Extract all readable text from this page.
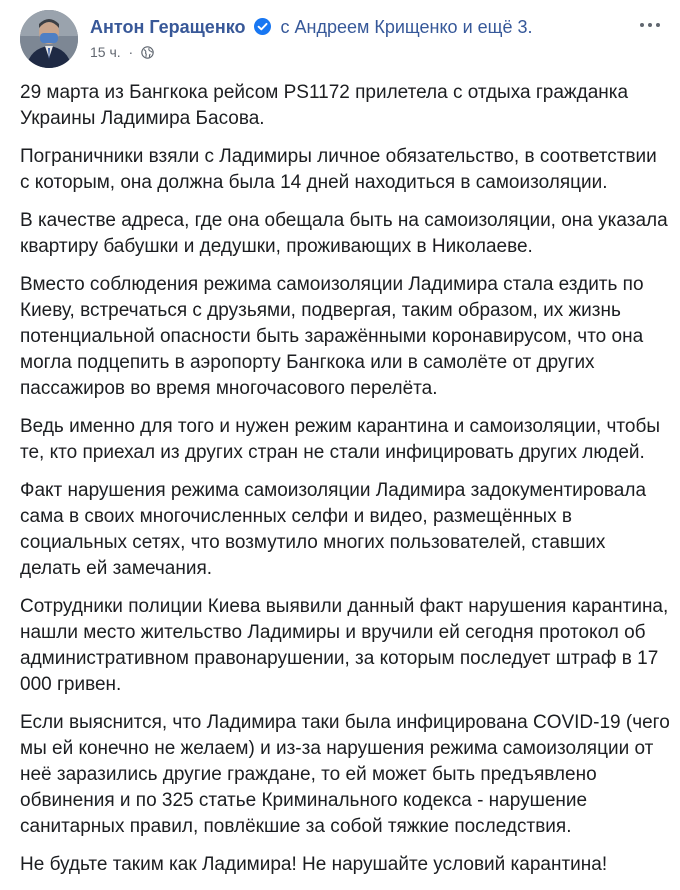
Антон Геращенко с Андреем Крищенко и ещё 3.
15 ч. ·

29 марта из Бангкока рейсом PS1172 прилетела с отдыха гражданка Украины Ладимира Басова.

Пограничники взяли с Ладимиры личное обязательство, в соответствии с которым, она должна была 14 дней находиться в самоизоляции.

В качестве адреса, где она обещала быть на самоизоляции, она указала квартиру бабушки и дедушки, проживающих в Николаеве.

Вместо соблюдения режима самоизоляции Ладимира стала ездить по Киеву, встречаться с друзьями, подвергая, таким образом, их жизнь потенциальной опасности быть заражёнными коронавирусом, что она могла подцепить в аэропорту Бангкока или в самолёте от других пассажиров во время многочасового перелёта.

Ведь именно для того и нужен режим карантина и самоизоляции, чтобы те, кто приехал из других стран не стали инфицировать других людей.

Факт нарушения режима самоизоляции Ладимира задокументировала сама в своих многочисленных селфи и видео, размещённых в социальных сетях, что возмутило многих пользователей, ставших делать ей замечания.

Сотрудники полиции Киева выявили данный факт нарушения карантина, нашли место жительство Ладимиры и вручили ей сегодня протокол об административном правонарушении, за которым последует штраф в 17 000 гривен.

Если выяснится, что Ладимира таки была инфицирована COVID-19 (чего мы ей конечно не желаем) и из-за нарушения режима самоизоляции от неё заразились другие граждане, то ей может быть предъявлено обвинения и по 325 статье Криминального кодекса - нарушение санитарных правил, повлёкшие за собой тяжкие последствия.

Не будьте таким как Ладимира! Не нарушайте условий карантина!
